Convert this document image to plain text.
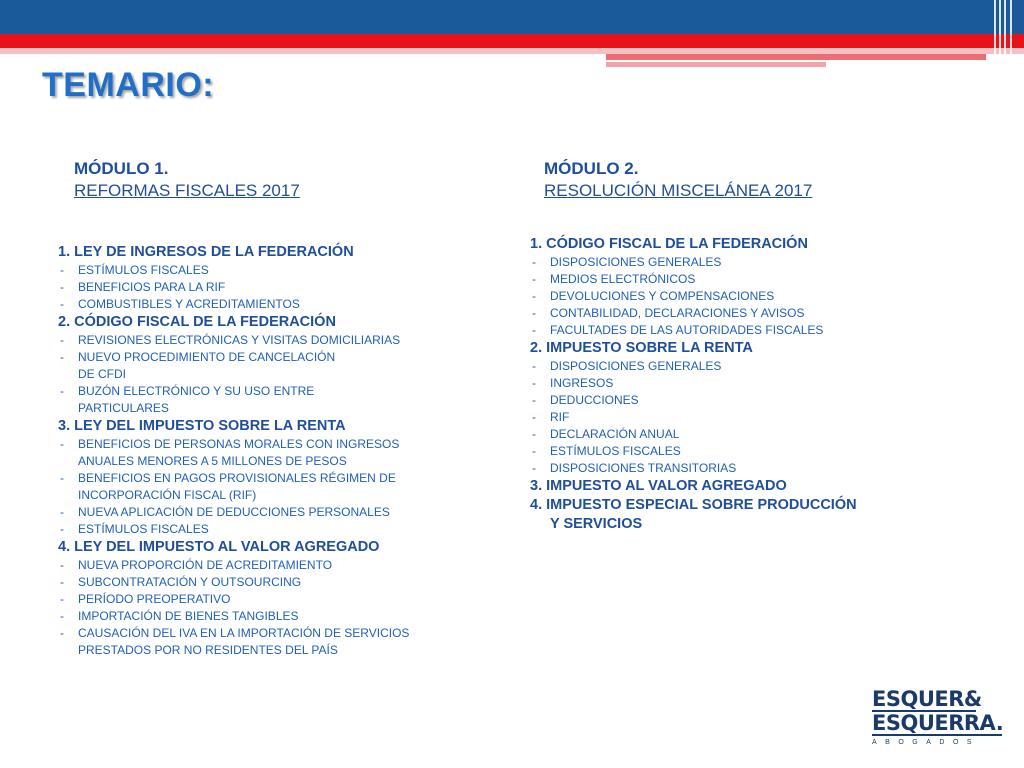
TEMARIO:
MÓDULO 1.
REFORMAS FISCALES 2017
MÓDULO 2.
RESOLUCIÓN MISCELÁNEA 2017
1. LEY DE INGRESOS DE LA FEDERACIÓN
- ESTÍMULOS FISCALES
- BENEFICIOS PARA LA RIF
- COMBUSTIBLES Y ACREDITAMIENTOS
2. CÓDIGO FISCAL DE LA FEDERACIÓN
- REVISIONES ELECTRÓNICAS Y VISITAS DOMICILIARIAS
- NUEVO PROCEDIMIENTO DE CANCELACIÓN
DE CFDI
- BUZÓN ELECTRÓNICO Y SU USO ENTRE
PARTICULARES
3. LEY DEL IMPUESTO SOBRE LA RENTA
- BENEFICIOS DE PERSONAS MORALES CON INGRESOS
ANUALES MENORES A 5 MILLONES DE PESOS
- BENEFICIOS EN PAGOS PROVISIONALES RÉGIMEN DE
INCORPORACIÓN FISCAL (RIF)
- NUEVA APLICACIÓN DE DEDUCCIONES PERSONALES
- ESTÍMULOS FISCALES
4. LEY DEL IMPUESTO AL VALOR AGREGADO
- NUEVA PROPORCIÓN DE ACREDITAMIENTO
- SUBCONTRATACIÓN Y OUTSOURCING
- PERÍODO PREOPERATIVO
- IMPORTACIÓN DE BIENES TANGIBLES
- CAUSACIÓN DEL IVA EN LA IMPORTACIÓN DE SERVICIOS
PRESTADOS POR NO RESIDENTES DEL PAÍS
1. CÓDIGO FISCAL DE LA FEDERACIÓN
- DISPOSICIONES GENERALES
- MEDIOS ELECTRÓNICOS
- DEVOLUCIONES Y COMPENSACIONES
- CONTABILIDAD, DECLARACIONES Y AVISOS
- FACULTADES DE LAS AUTORIDADES FISCALES
2. IMPUESTO SOBRE LA RENTA
- DISPOSICIONES GENERALES
- INGRESOS
- DEDUCCIONES
- RIF
- DECLARACIÓN ANUAL
- ESTÍMULOS FISCALES
- DISPOSICIONES TRANSITORIAS
3. IMPUESTO AL VALOR AGREGADO
4. IMPUESTO ESPECIAL SOBRE PRODUCCIÓN
Y SERVICIOS
ESQUER&
ESQUERRA.
ABOGADOS
